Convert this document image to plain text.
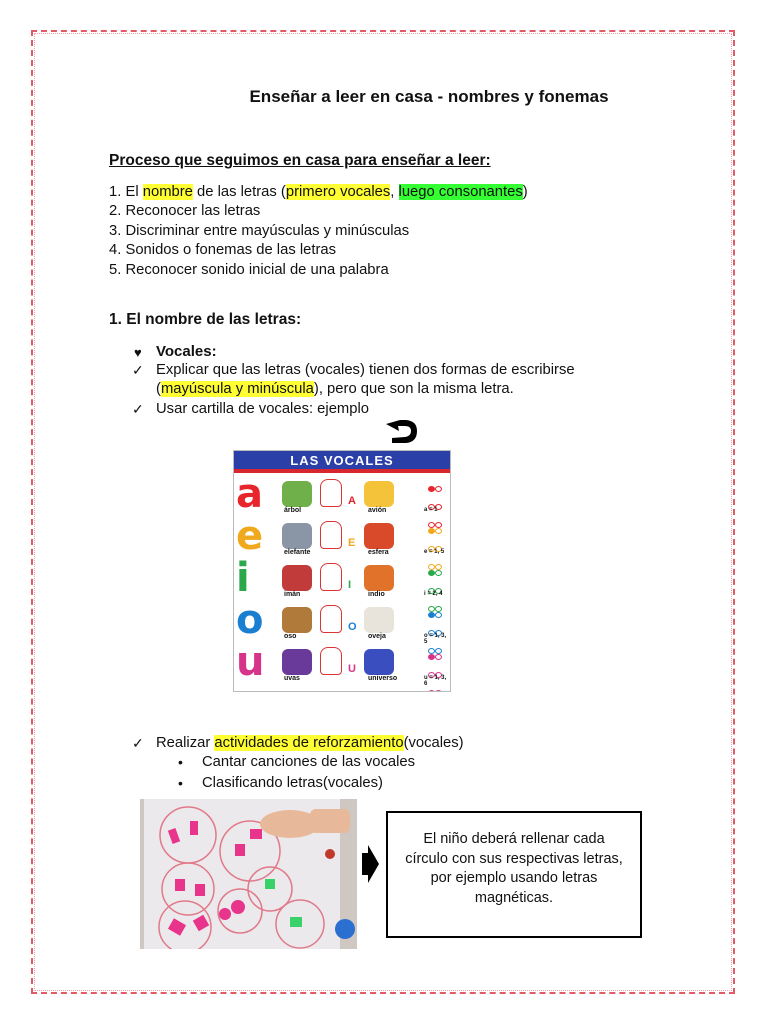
Enseñar a leer en casa - nombres y fonemas
Proceso que seguimos en casa para enseñar a leer:
1. El nombre de las letras (primero vocales, luego consonantes)
2. Reconocer las letras
3. Discriminar entre mayúsculas y minúsculas
4. Sonidos o fonemas de las letras
5. Reconocer sonido inicial de una palabra
1. El nombre de las letras:
♥ Vocales:
✓ Explicar que las letras (vocales) tienen dos formas de escribirse
(mayúscula y minúscula), pero que son la misma letra.
✓ Usar cartilla de vocales: ejemplo
LAS VOCALES
a	árbol
A
avión	a = 1
e	elefante
E
esfera	e = 1, 5
i	imán
I
indio	i = 2, 4
o	oso
O
oveja	o = 1, 3, 5
u	uvas
U
universo	u = 1, 3, 6
✓ Realizar actividades de reforzamiento(vocales)
• Cantar canciones de las vocales
• Clasificando letras(vocales)
El niño deberá rellenar cada círculo con sus respectivas letras, por ejemplo usando letras magnéticas.
